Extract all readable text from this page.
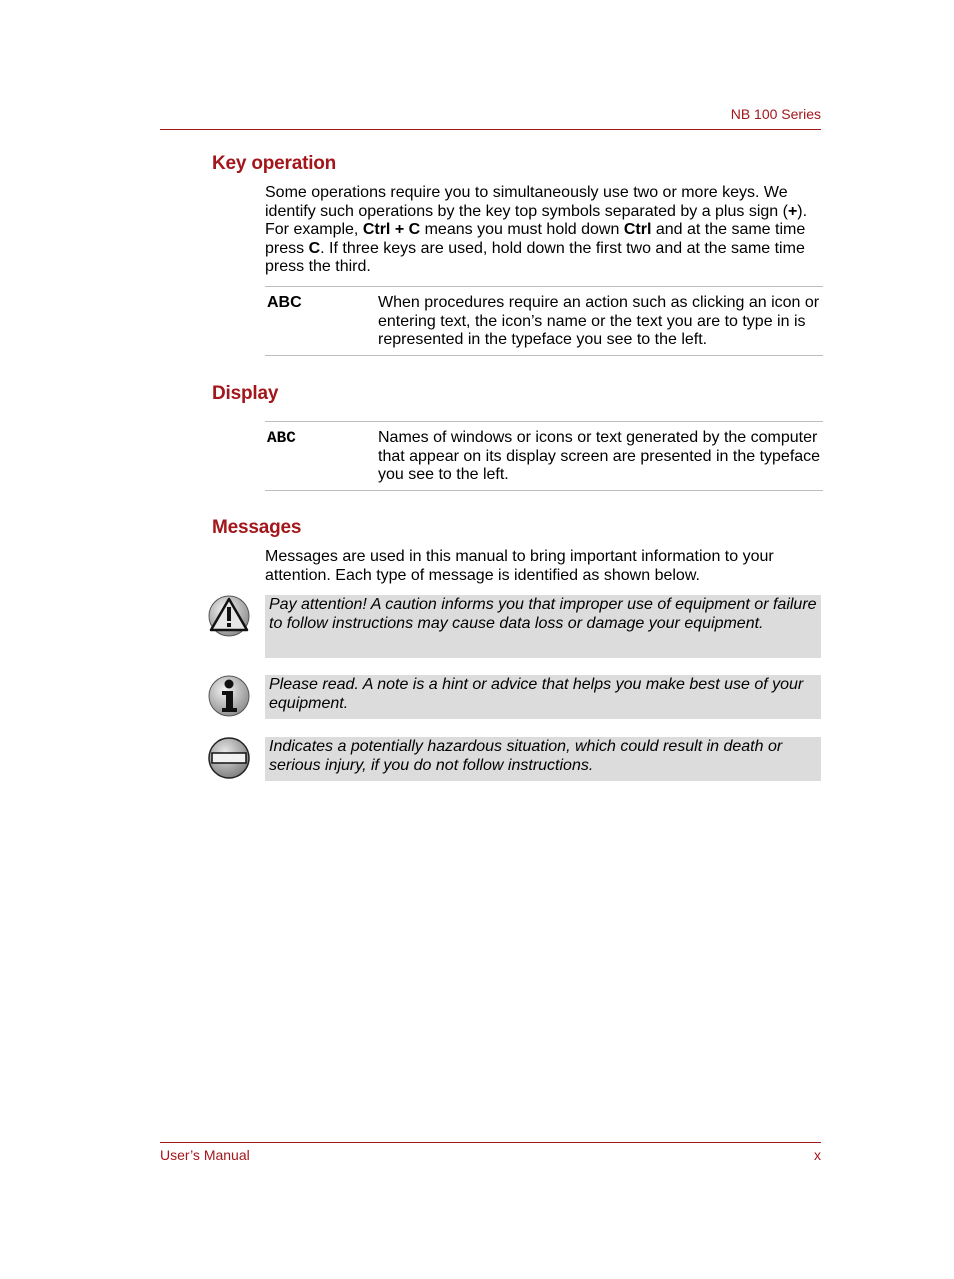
NB 100 Series
Key operation
Some operations require you to simultaneously use two or more keys. We identify such operations by the key top symbols separated by a plus sign (+). For example, Ctrl + C means you must hold down Ctrl and at the same time press C. If three keys are used, hold down the first two and at the same time press the third.
ABC	When procedures require an action such as clicking an icon or entering text, the icon’s name or the text you are to type in is represented in the typeface you see to the left.
Display
ABC	Names of windows or icons or text generated by the computer that appear on its display screen are presented in the typeface you see to the left.
Messages
Messages are used in this manual to bring important information to your attention. Each type of message is identified as shown below.
Pay attention! A caution informs you that improper use of equipment or failure to follow instructions may cause data loss or damage your equipment.
Please read. A note is a hint or advice that helps you make best use of your equipment.
Indicates a potentially hazardous situation, which could result in death or serious injury, if you do not follow instructions.
User’s Manual	x
